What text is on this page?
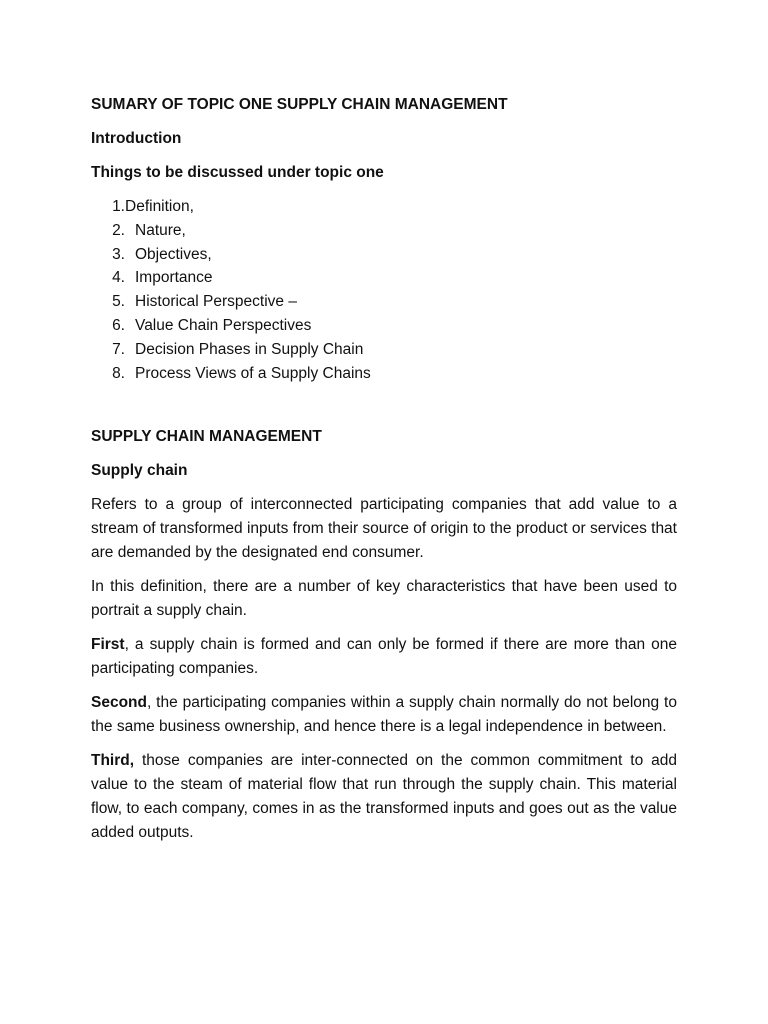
SUMARY OF TOPIC ONE SUPPLY CHAIN MANAGEMENT

Introduction

Things to be discussed under topic one

1. Definition,
2. Nature,
3. Objectives,
4. Importance
5. Historical Perspective –
6. Value Chain Perspectives
7. Decision Phases in Supply Chain
8. Process Views of a Supply Chains

SUPPLY CHAIN MANAGEMENT

Supply chain

Refers to a group of interconnected participating companies that add value to a stream of transformed inputs from their source of origin to the product or services that are demanded by the designated end consumer.

In this definition, there are a number of key characteristics that have been used to portrait a supply chain.

First, a supply chain is formed and can only be formed if there are more than one participating companies.

Second, the participating companies within a supply chain normally do not belong to the same business ownership, and hence there is a legal independence in between.

Third, those companies are inter-connected on the common commitment to add value to the steam of material flow that run through the supply chain. This material flow, to each company, comes in as the transformed inputs and goes out as the value added outputs.
